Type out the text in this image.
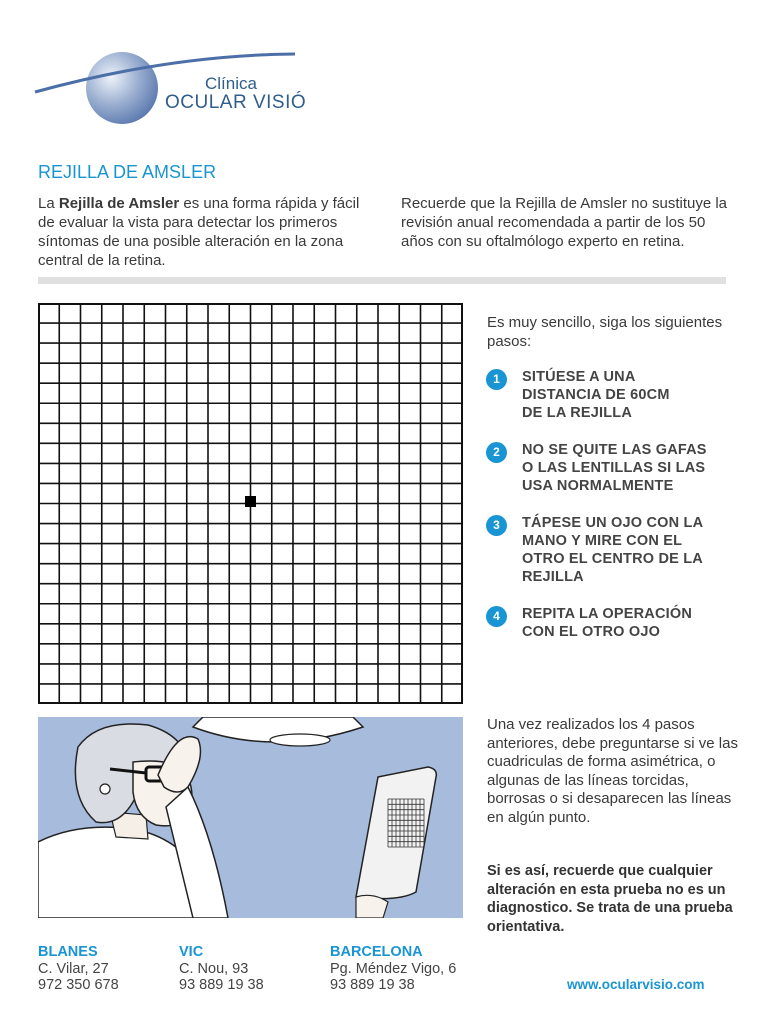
Clínica
OCULAR VISIÓ
REJILLA DE AMSLER

La Rejilla de Amsler es una forma rápida y fácil de evaluar la vista para detectar los primeros síntomas de una posible alteración en la zona central de la retina.

Recuerde que la Rejilla de Amsler no sustituye la revisión anual recomendada a partir de los 50 años con su oftalmólogo experto en retina.

Es muy sencillo, siga los siguientes pasos:

1	SITÚESE A UNA
DISTANCIA DE 60CM
DE LA REJILLA
2	NO SE QUITE LAS GAFAS
O LAS LENTILLAS SI LAS
USA NORMALMENTE
3	TÁPESE UN OJO CON LA
MANO Y MIRE CON EL
OTRO EL CENTRO DE LA
REJILLA
4	REPITA LA OPERACIÓN
CON EL OTRO OJO

Una vez realizados los 4 pasos anteriores, debe preguntarse si ve las cuadriculas de forma asimétrica, o algunas de las líneas torcidas, borrosas o si desaparecen las líneas en algún punto.

Si es así, recuerde que cualquier alteración en esta prueba no es un diagnostico. Se trata de una prueba orientativa.

BLANES
C. Vilar, 27
972 350 678
VIC
C. Nou, 93
93 889 19 38
BARCELONA
Pg. Méndez Vigo, 6
93 889 19 38	www.ocularvisio.com
